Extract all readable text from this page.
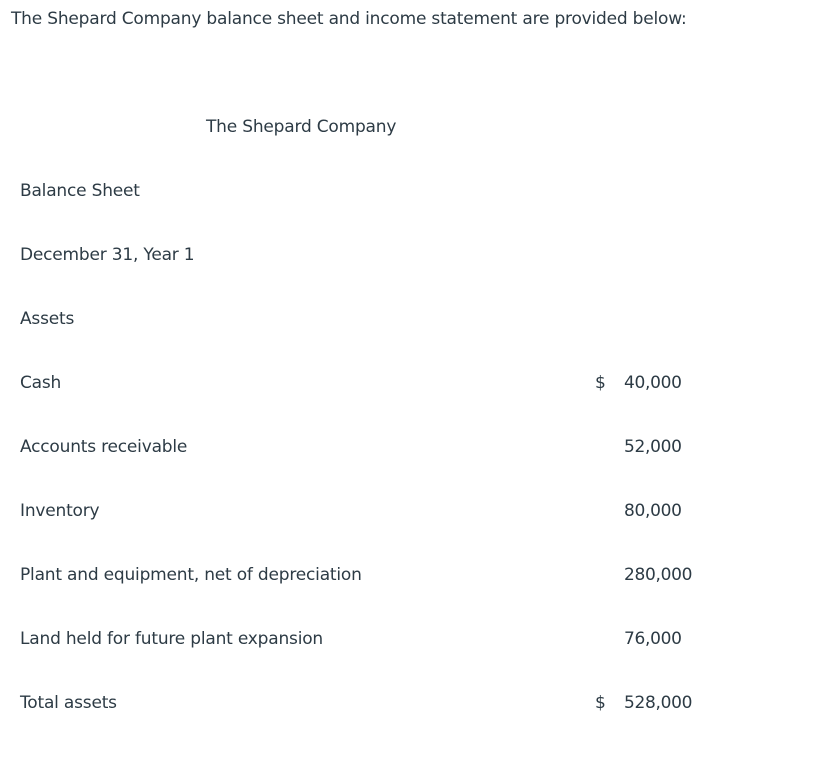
The Shepard Company balance sheet and income statement are provided below:
The Shepard Company
Balance Sheet
December 31, Year 1
Assets
Cash	$ 40,000
Accounts receivable	52,000
Inventory	80,000
Plant and equipment, net of depreciation	280,000
Land held for future plant expansion	76,000
Total assets	$ 528,000
